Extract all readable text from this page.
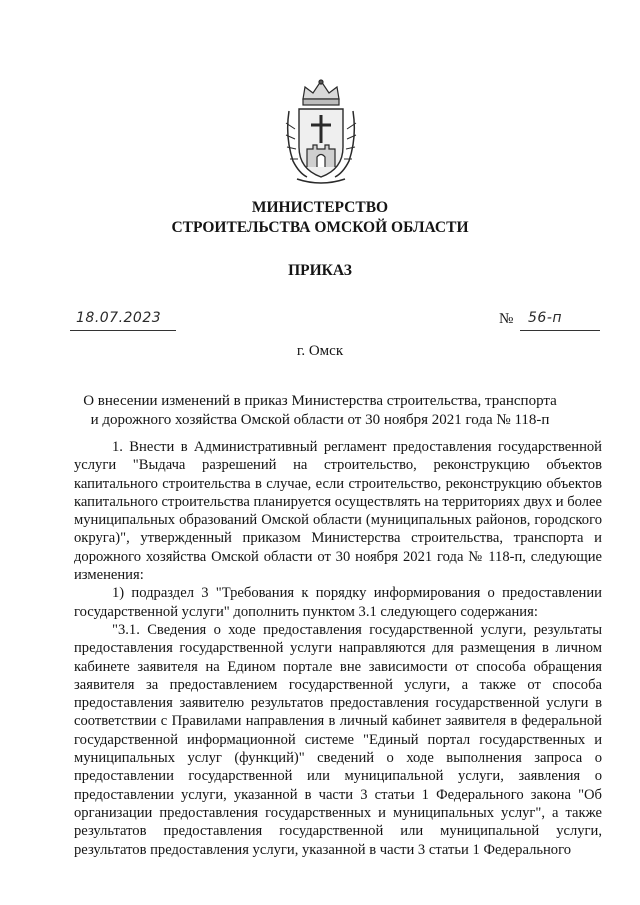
МИНИСТЕРСТВО
СТРОИТЕЛЬСТВА ОМСКОЙ ОБЛАСТИ
ПРИКАЗ
18.07.2023	№ 56-п
г. Омск
О внесении изменений в приказ Министерства строительства, транспорта
и дорожного хозяйства Омской области от 30 ноября 2021 года № 118-п

1. Внести в Административный регламент предоставления государственной услуги "Выдача разрешений на строительство, реконструкцию объектов капитального строительства в случае, если строительство, реконструкцию объектов капитального строительства планируется осуществлять на территориях двух и более муниципальных образований Омской области (муниципальных районов, городского округа)", утвержденный приказом Министерства строительства, транспорта и дорожного хозяйства Омской области от 30 ноября 2021 года № 118-п, следующие изменения:

1) подраздел 3 "Требования к порядку информирования о предоставлении государственной услуги" дополнить пунктом 3.1 следующего содержания:

"3.1. Сведения о ходе предоставления государственной услуги, результаты предоставления государственной услуги направляются для размещения в личном кабинете заявителя на Едином портале вне зависимости от способа обращения заявителя за предоставлением государственной услуги, а также от способа предоставления заявителю результатов предоставления государственной услуги в соответствии с Правилами направления в личный кабинет заявителя в федеральной государственной информационной системе "Единый портал государственных и муниципальных услуг (функций)" сведений о ходе выполнения запроса о предоставлении государственной или муниципальной услуги, заявления о предоставлении услуги, указанной в части 3 статьи 1 Федерального закона "Об организации предоставления государственных и муниципальных услуг", а также результатов предоставления государственной или муниципальной услуги, результатов предоставления услуги, указанной в части 3 статьи 1 Федерального
